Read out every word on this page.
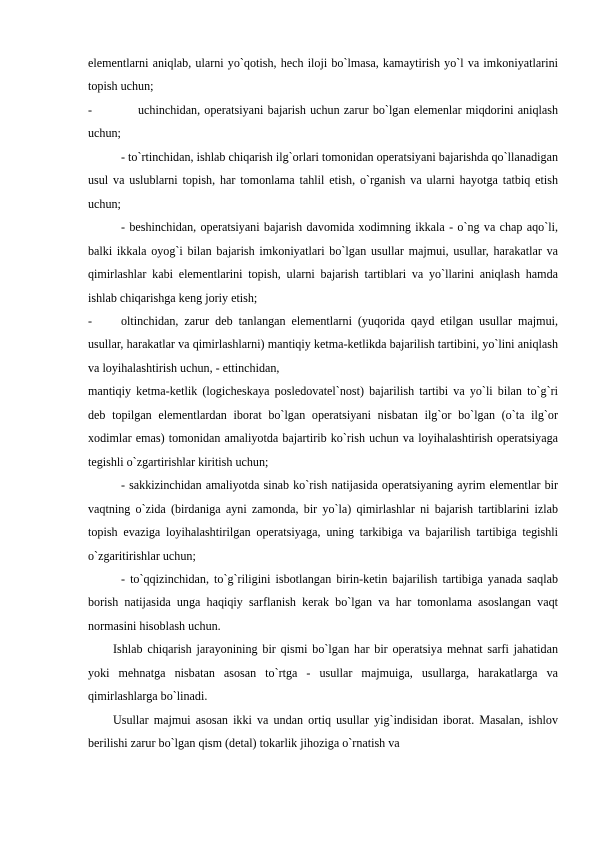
elementlarni aniqlab, ularni yo`qotish, hech iloji bo`lmasa, kamaytirish yo`l va imkoniyatlarini topish uchun;

-	uchinchidan, operatsiyani bajarish uchun zarur bo`lgan elemenlar miqdorini aniqlash uchun;

- to`rtinchidan, ishlab chiqarish ilg`orlari tomonidan operatsiyani bajarishda qo`llanadigan usul va uslublarni topish, har tomonlama tahlil etish, o`rganish va ularni hayotga tatbiq etish uchun;

- beshinchidan, operatsiyani bajarish davomida xodimning ikkala - o`ng va chap aqo`li, balki ikkala oyog`i bilan bajarish imkoniyatlari bo`lgan usullar majmui, usullar, harakatlar va qimirlashlar kabi elementlarini topish, ularni bajarish tartiblari va yo`llarini aniqlash hamda ishlab chiqarishga keng joriy etish;

- oltinchidan, zarur deb tanlangan elementlarni (yuqorida qayd etilgan usullar majmui, usullar, harakatlar va qimirlashlarni) mantiqiy ketma-ketlikda bajarilish tartibini, yo`lini aniqlash va loyihalashtirish uchun, - ettinchidan,

mantiqiy ketma-ketlik (logicheskaya posledovatel`nost) bajarilish tartibi va yo`li bilan to`g`ri deb topilgan elementlardan iborat bo`lgan operatsiyani nisbatan ilg`or bo`lgan (o`ta ilg`or xodimlar emas) tomonidan amaliyotda bajartirib ko`rish uchun va loyihalashtirish operatsiyaga tegishli o`zgartirishlar kiritish uchun;

- sakkizinchidan amaliyotda sinab ko`rish natijasida operatsiyaning ayrim elementlar bir vaqtning o`zida (birdaniga ayni zamonda, bir yo`la) qimirlashlar ni bajarish tartiblarini izlab topish evaziga loyihalashtirilgan operatsiyaga, uning tarkibiga va bajarilish tartibiga tegishli o`zgaritirishlar uchun;

- to`qqizinchidan, to`g`riligini isbotlangan birin-ketin bajarilish tartibiga yanada saqlab borish natijasida unga haqiqiy sarflanish kerak bo`lgan va har tomonlama asoslangan vaqt normasini hisoblash uchun.

Ishlab chiqarish jarayonining bir qismi bo`lgan har bir operatsiya mehnat sarfi jahatidan yoki mehnatga nisbatan asosan to`rtga - usullar majmuiga, usullarga, harakatlarga va qimirlashlarga bo`linadi.

Usullar majmui asosan ikki va undan ortiq usullar yig`indisidan iborat. Masalan, ishlov berilishi zarur bo`lgan qism (detal) tokarlik jihoziga o`rnatish va
